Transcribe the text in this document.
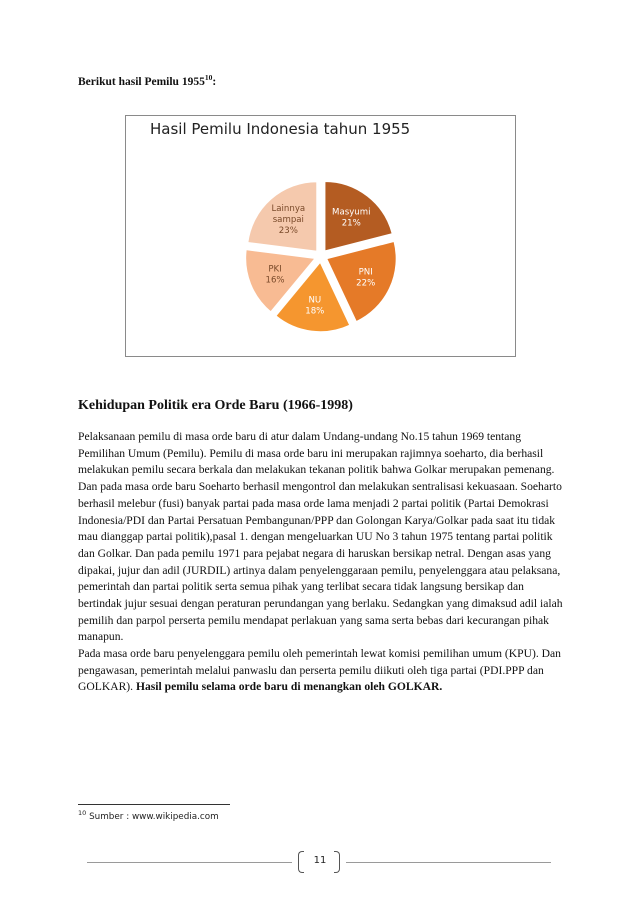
Berikut hasil Pemilu 1955$^{10}$:
Hasil Pemilu Indonesia tahun 1955
Masyumi 21%
PNI 22%
NU 18%
PKI 16%
Lainnya sampai 23%
Kehidupan Politik era Orde Baru (1966-1998)
Pelaksanaan pemilu di masa orde baru di atur dalam Undang-undang No.15 tahun 1969 tentang Pemilihan Umum (Pemilu). Pemilu di masa orde baru ini merupakan rajimnya soeharto, dia berhasil melakukan pemilu secara berkala dan melakukan tekanan politik bahwa Golkar merupakan pemenang. Dan pada masa orde baru Soeharto berhasil mengontrol dan melakukan sentralisasi kekuasaan. Soeharto berhasil melebur (fusi) banyak partai pada masa orde lama menjadi 2 partai politik (Partai Demokrasi Indonesia/PDI dan Partai Persatuan Pembangunan/PPP dan Golongan Karya/Golkar pada saat itu tidak mau dianggap partai politik),pasal 1. dengan mengeluarkan UU No 3 tahun 1975 tentang partai politik dan Golkar. Dan pada pemilu 1971 para pejabat negara di haruskan bersikap netral. Dengan asas yang dipakai, jujur dan adil (JURDIL) artinya dalam penyelenggaraan pemilu, penyelenggara atau pelaksana, pemerintah dan partai politik serta semua pihak yang terlibat secara tidak langsung bersikap dan bertindak jujur sesuai dengan peraturan perundangan yang berlaku. Sedangkan yang dimaksud adil ialah pemilih dan parpol perserta pemilu mendapat perlakuan yang sama serta bebas dari kecurangan pihak manapun.
Pada masa orde baru penyelenggara pemilu oleh pemerintah lewat komisi pemilihan umum (KPU). Dan pengawasan, pemerintah melalui panwaslu dan perserta pemilu diikuti oleh tiga partai (PDI.PPP dan GOLKAR). Hasil pemilu selama orde baru di menangkan oleh GOLKAR.
$^{10}$ Sumber : www.wikipedia.com
11
